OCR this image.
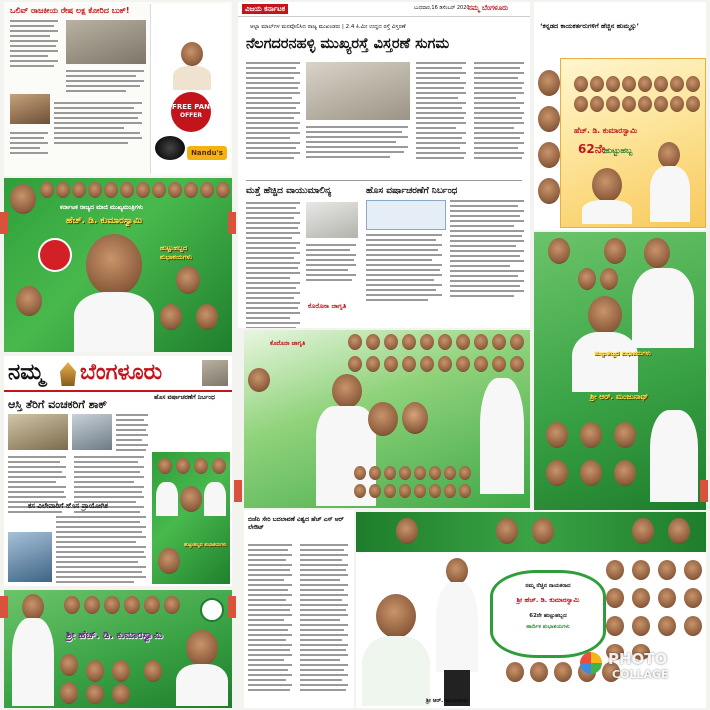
ಒಲಿವ್ ರಾಜಕೀಯ ರೇಷ ಲಕ್ಷ ಕೋರಿದ ಬುಕ್!
FREE PAN
OFFER
Nandu's
ವಿಜಯ ಕರ್ನಾಟಕ	ಬುಧವಾರ,16 ಡಿಸೆಂಬರ್ 2020
ನಮ್ಮ ಬೆಂಗಳೂರು
ಆಲ್ಟಾ ಮಾಲ್‌ಗಳ ಮನವೊಲಿಸಿದ ರಾಜ್ಯ ಮುಖಂಡರು | 2.4 ಕಿ.ಮೀ ಉದ್ದದ ರಸ್ತೆ ವಿಸ್ತರಣೆ
ನೆಲಗದರನಹಳ್ಳಿ ಮುಖ್ಯರಸ್ತೆ ವಿಸ್ತರಣೆ ಸುಗಮ
ಮತ್ತೆ ಹೆಚ್ಚಿದ ವಾಯುಮಾಲಿನ್ಯ	ಹೊಸ ವರ್ಷಾಚರಣೆಗೆ ನಿರ್ಬಂಧ
ಕೊರೊನಾ ಜಾಗೃತಿ
‘ಕನ್ನಡದ ಕಾಯಕರ್ತರುಗಳಿಗೆ ಹೆಚ್ಚಿನ ಹುಮ್ಮಸ್ಸು’
ಹೆಚ್. ಡಿ. ಕುಮಾರಸ್ವಾಮಿ
62ನೇ
ಹುಟ್ಟುಹಬ್ಬ
ಕರ್ನಾಟಕ ರಾಜ್ಯದ ಮಾಜಿ ಮುಖ್ಯಮಂತ್ರಿಗಳು
ಹೆಚ್. ಡಿ. ಕುಮಾರಸ್ವಾಮಿ
ಹುಟ್ಟುಹಬ್ಬದ ಶುಭಾಶಯಗಳು
ಕೊರೊನಾ ಜಾಗೃತಿ
ಹುಟ್ಟುಹಬ್ಬದ ಶುಭಾಶಯಗಳು
ಶ್ರೀ ಆರ್. ಮಂಜುನಾಥ್
ನಮ್ಮ ಬೆಂಗಳೂರು
ಆಸ್ತಿ ತೆರಿಗೆ ವಂಚಕರಿಗೆ ಶಾಕ್
ಹೊಸ ವರ್ಷಾಚರಣೆಗೆ ನಿರ್ಬಂಧ
ಕಸ ವಿಲೇವಾರಿಗೆ ಹೊಸ ಪ್ರಾಯೋಗಿಕ
ಹುಟ್ಟುಹಬ್ಬದ ಶುಭಾಶಯಗಳು
ಬಿಜೆಪಿ ಸೇರಿ ಬದಲಾವಣೆ ವಿಶ್ವದ ಹೆಚ್ ಎಸ್ ಆರ್ ಲೇಔಟ್
ನಮ್ಮ ನೆಚ್ಚಿನ ನಾಯಕರಾದ
ಶ್ರೀ ಹೆಚ್. ಡಿ. ಕುಮಾರಸ್ವಾಮಿ
62ನೇ ಹುಟ್ಟುಹಬ್ಬದ
ಹಾರ್ದಿಕ ಶುಭಾಶಯಗಳು
ಶ್ರೀ ಆರ್. ಮಂಜುನಾಥ್
PHOTO
COLLAGE
ಶ್ರೀ ಹೆಚ್. ಡಿ. ಕುಮಾರಸ್ವಾಮಿ
